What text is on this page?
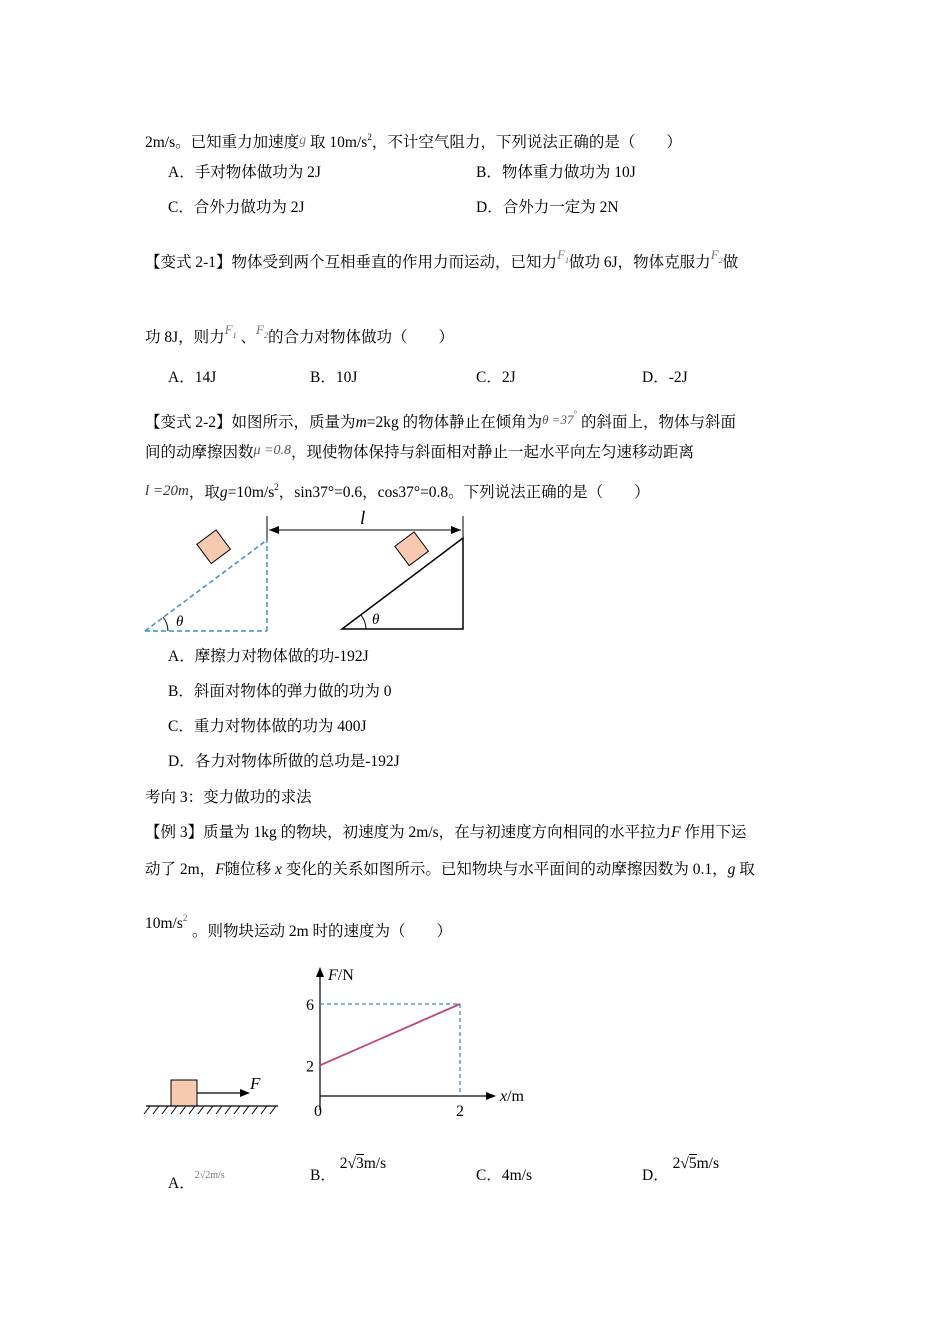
2m/s。已知重力加速度g 取 $10m/s^2$，不计空气阻力，下列说法正确的是（　　）
A．手对物体做功为 2J	B．物体重力做功为 10J
C．合外力做功为 2J	D．合外力一定为 2N
【变式 2-1】物体受到两个互相垂直的作用力而运动，已知力$^{F_1}$做功 6J，物体克服力$^{F_2}$做
功 8J，则力$^{F_1}$ 、$^{F_2}$的合力对物体做功（　　）
A．14J	B．10J	C．2J	D．-2J
【变式 2-2】如图所示，质量为m=2kg 的物体静止在倾角为θ =37° 的斜面上，物体与斜面
间的动摩擦因数μ =0.8，现使物体保持与斜面相对静止一起水平向左匀速移动距离
l =20m，取$g=10m/s^2$，sin37°=0.6，cos37°=0.8。下列说法正确的是（　　）
θ
l
θ
A．摩擦力对物体做的功-192J
B．斜面对物体的弹力做的功为 0
C．重力对物体做的功为 400J
D．各力对物体所做的总功是-192J
考向 3：变力做功的求法
【例 3】质量为 1kg 的物块，初速度为 2m/s，在与初速度方向相同的水平拉力F 作用下运
动了 2m，F随位移 x 变化的关系如图所示。已知物块与水平面间的动摩擦因数为 0.1，g 取
$10m/s^2$
。则物块运动 2m 时的速度为（　　）
F
F/N
x/m
0
6
2
2
A．$^{2√2m/s}$	B． 2√3m/s
C．4m/s	D． 2√5m/s
